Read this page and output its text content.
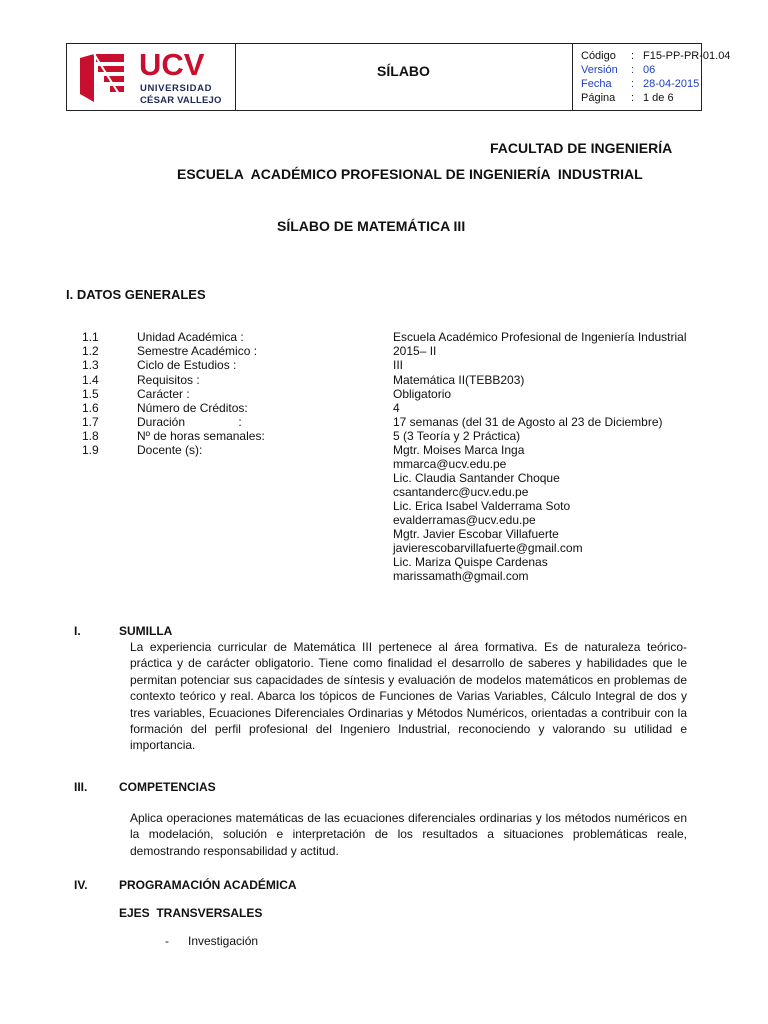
UCV
UNIVERSIDAD
CÉSAR VALLEJO
SÍLABO
Código : F15-PP-PR-01.04
Versión : 06
Fecha : 28-04-2015
Página : 1 de 6
FACULTAD DE INGENIERÍA
ESCUELA  ACADÉMICO PROFESIONAL DE INGENIERÍA  INDUSTRIAL
SÍLABO DE MATEMÁTICA III
I. DATOS GENERALES
1.1	Unidad Académica :	Escuela Académico Profesional de Ingeniería Industrial
1.2	Semestre Académico :	2015– II
1.3	Ciclo de Estudios :	III
1.4	Requisitos :	Matemática II(TEBB203)
1.5	Carácter :	Obligatorio
1.6	Número de Créditos:	4
1.7	Duración                :	17 semanas (del 31 de Agosto al 23 de Diciembre)
1.8	Nº de horas semanales:	5 (3 Teoría y 2 Práctica)
1.9	Docente (s):	Mgtr. Moises Marca Inga
mmarca@ucv.edu.pe
Lic. Claudia Santander Choque
csantanderc@ucv.edu.pe
Lic. Erica Isabel Valderrama Soto
evalderramas@ucv.edu.pe
Mgtr. Javier Escobar Villafuerte
javierescobarvillafuerte@gmail.com
Lic. Mariza Quispe Cardenas
marissamath@gmail.com
I.	SUMILLA
La experiencia curricular de Matemática III pertenece al área formativa. Es de naturaleza teórico-práctica y de carácter obligatorio. Tiene como finalidad el desarrollo de saberes y habilidades que le permitan potenciar sus capacidades de síntesis y evaluación de modelos matemáticos en problemas de contexto teórico y real. Abarca los tópicos de Funciones de Varias Variables, Cálculo Integral de dos y tres variables, Ecuaciones Diferenciales Ordinarias y Métodos Numéricos, orientadas a contribuir con la formación del perfil profesional del Ingeniero Industrial, reconociendo y valorando su utilidad e importancia.
III.	COMPETENCIAS
Aplica operaciones matemáticas de las ecuaciones diferenciales ordinarias y los métodos numéricos en la modelación, solución e interpretación de los resultados a situaciones problemáticas reale, demostrando responsabilidad y actitud.
IV.	PROGRAMACIÓN ACADÉMICA
EJES  TRANSVERSALES
- Investigación
